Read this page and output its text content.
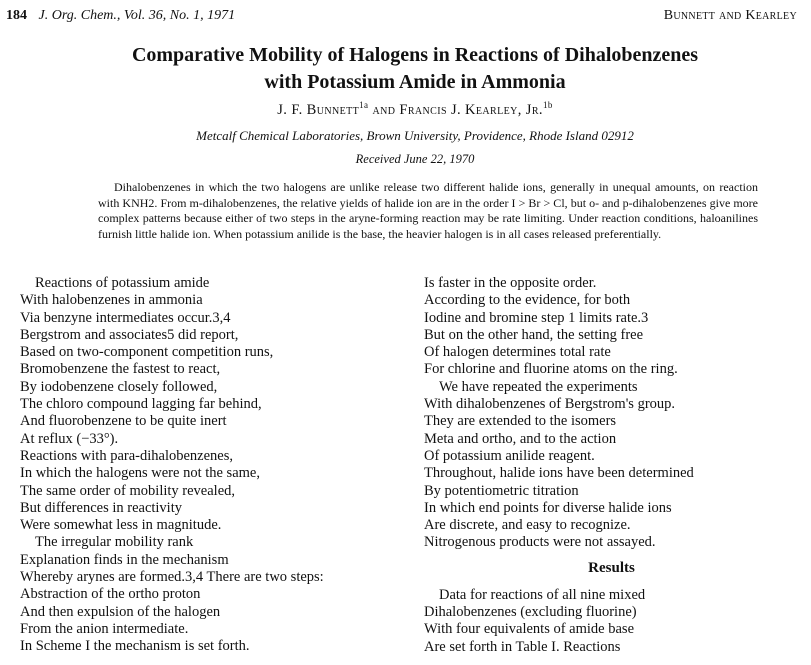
184 J. Org. Chem., Vol. 36, No. 1, 1971	Bunnett and Kearley
Comparative Mobility of Halogens in Reactions of Dihalobenzenes
with Potassium Amide in Ammonia
J. F. Bunnett$^{1a}$ and Francis J. Kearley, Jr.$^{1b}$
Metcalf Chemical Laboratories, Brown University, Providence, Rhode Island 02912
Received June 22, 1970

Dihalobenzenes in which the two halogens are unlike release two different halide ions, generally in unequal amounts, on reaction with KNH2. From m-dihalobenzenes, the relative yields of halide ion are in the order I > Br > Cl, but o- and p-dihalobenzenes give more complex patterns because either of two steps in the aryne-forming reaction may be rate limiting. Under reaction conditions, haloanilines furnish little halide ion. When potassium anilide is the base, the heavier halogen is in all cases released preferentially.

Reactions of potassium amide
With halobenzenes in ammonia
Via benzyne intermediates occur.3,4
Bergstrom and associates5 did report,
Based on two-component competition runs,
Bromobenzene the fastest to react,
By iodobenzene closely followed,
The chloro compound lagging far behind,
And fluorobenzene to be quite inert
At reflux (−33°).
Reactions with para-dihalobenzenes,
In which the halogens were not the same,
The same order of mobility revealed,
But differences in reactivity
Were somewhat less in magnitude.
The irregular mobility rank
Explanation finds in the mechanism
Whereby arynes are formed.3,4 There are two steps:
Abstraction of the ortho proton
And then expulsion of the halogen
From the anion intermediate.
In Scheme I the mechanism is set forth.
Is faster in the opposite order.
According to the evidence, for both
Iodine and bromine step 1 limits rate.3
But on the other hand, the setting free
Of halogen determines total rate
For chlorine and fluorine atoms on the ring.
We have repeated the experiments
With dihalobenzenes of Bergstrom's group.
They are extended to the isomers
Meta and ortho, and to the action
Of potassium anilide reagent.
Throughout, halide ions have been determined
By potentiometric titration
In which end points for diverse halide ions
Are discrete, and easy to recognize.
Nitrogenous products were not assayed.
Results
Data for reactions of all nine mixed
Dihalobenzenes (excluding fluorine)
With four equivalents of amide base
Are set forth in Table I. Reactions
